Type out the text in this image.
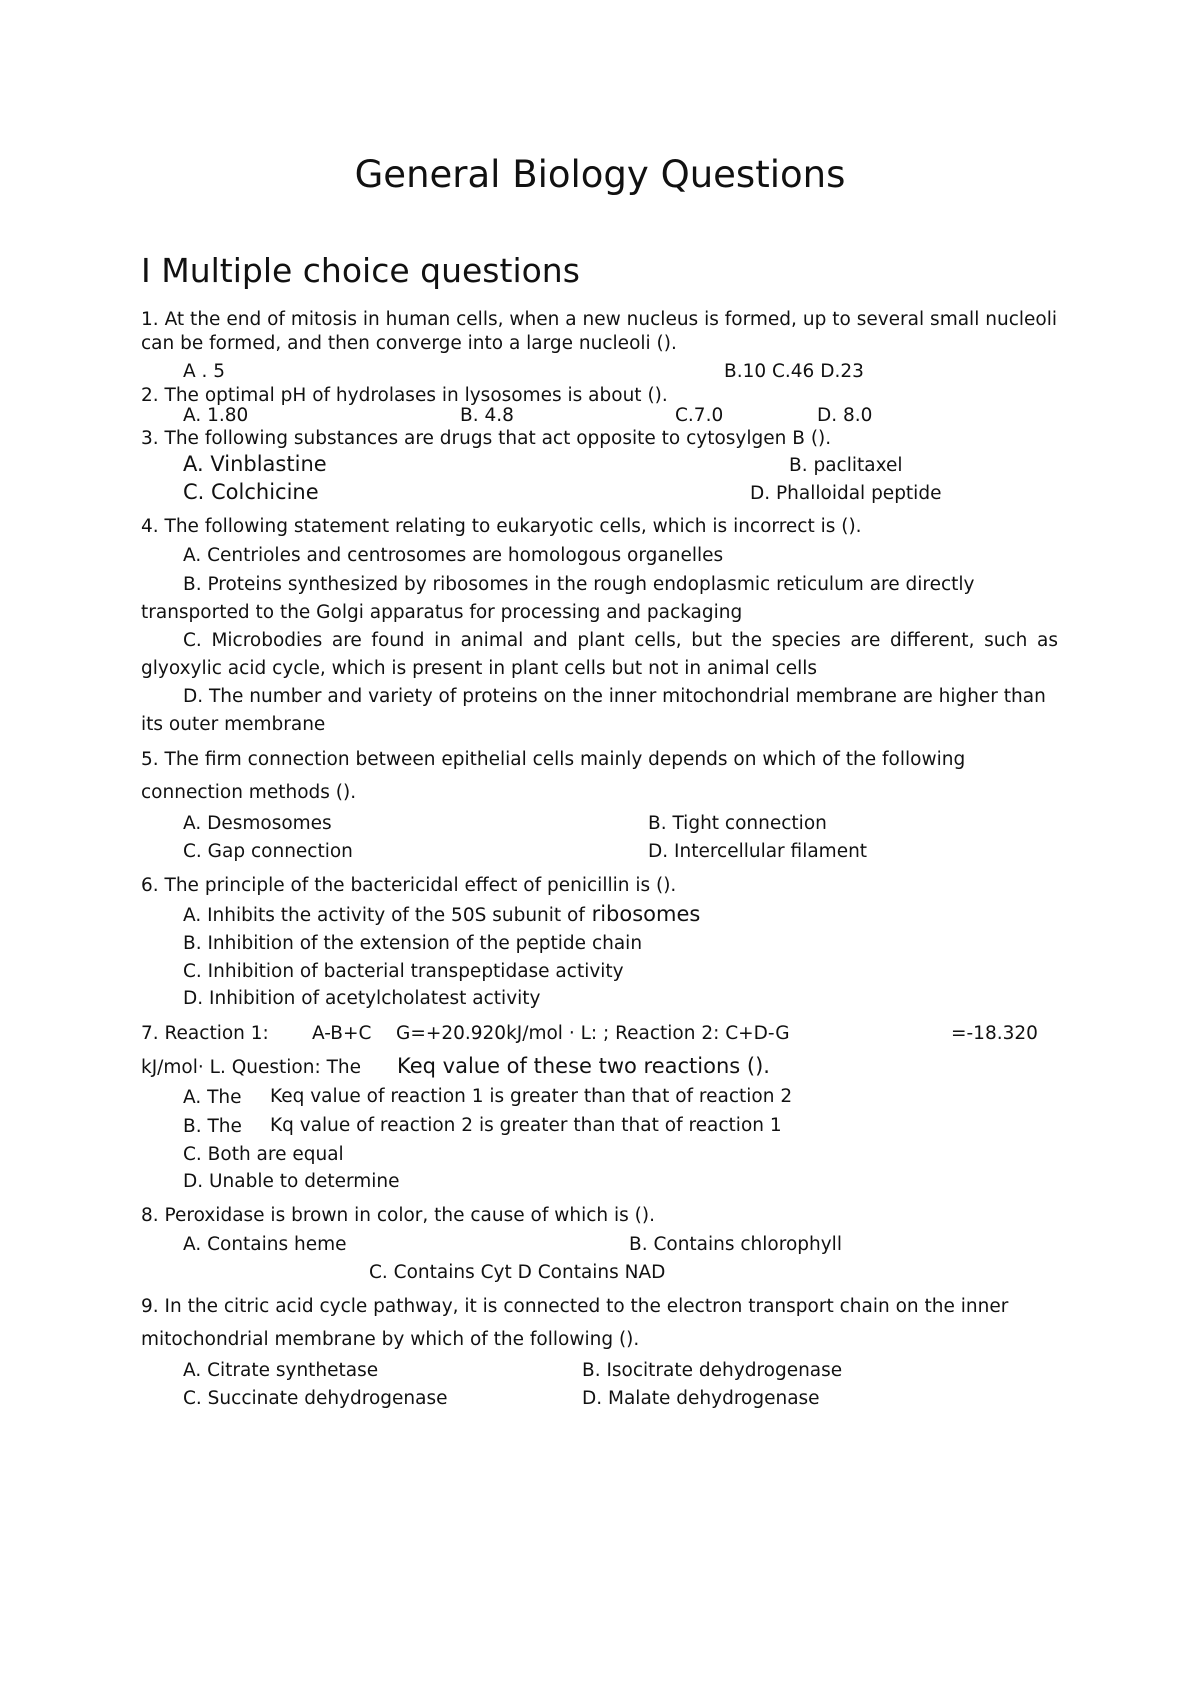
General Biology Questions
I Multiple choice questions
1. At the end of mitosis in human cells, when a new nucleus is formed, up to several small nucleoli
can be formed, and then converge into a large nucleoli ().
A . 5	B.10 C.46 D.23
2. The optimal pH of hydrolases in lysosomes is about ().
A. 1.80	B. 4.8	C.7.0	D. 8.0
3. The following substances are drugs that act opposite to cytosylgen B ().
A. Vinblastine	B. paclitaxel
C. Colchicine	D. Phalloidal peptide
4. The following statement relating to eukaryotic cells, which is incorrect is ().
A. Centrioles and centrosomes are homologous organelles
B. Proteins synthesized by ribosomes in the rough endoplasmic reticulum are directly
transported to the Golgi apparatus for processing and packaging
C. Microbodies are found in animal and plant cells, but the species are different, such as
glyoxylic acid cycle, which is present in plant cells but not in animal cells
D. The number and variety of proteins on the inner mitochondrial membrane are higher than
its outer membrane
5. The firm connection between epithelial cells mainly depends on which of the following
connection methods ().
A. Desmosomes	B. Tight connection
C. Gap connection	D. Intercellular filament
6. The principle of the bactericidal effect of penicillin is ().
A. Inhibits the activity of the 50S subunit of ribosomes
B. Inhibition of the extension of the peptide chain
C. Inhibition of bacterial transpeptidase activity
D. Inhibition of acetylcholatest activity
7. Reaction 1: A-B+C G=+20.920kJ/mol · L: ; Reaction 2: C+D-G	=-18.320
kJ/mol· L. Question: The Keq value of these two reactions ().
A. The Keq value of reaction 1 is greater than that of reaction 2
B. The Kq value of reaction 2 is greater than that of reaction 1
C. Both are equal
D. Unable to determine
8. Peroxidase is brown in color, the cause of which is ().
A. Contains heme	B. Contains chlorophyll
C. Contains Cyt D Contains NAD
9. In the citric acid cycle pathway, it is connected to the electron transport chain on the inner
mitochondrial membrane by which of the following ().
A. Citrate synthetase	B. Isocitrate dehydrogenase
C. Succinate dehydrogenase	D. Malate dehydrogenase
